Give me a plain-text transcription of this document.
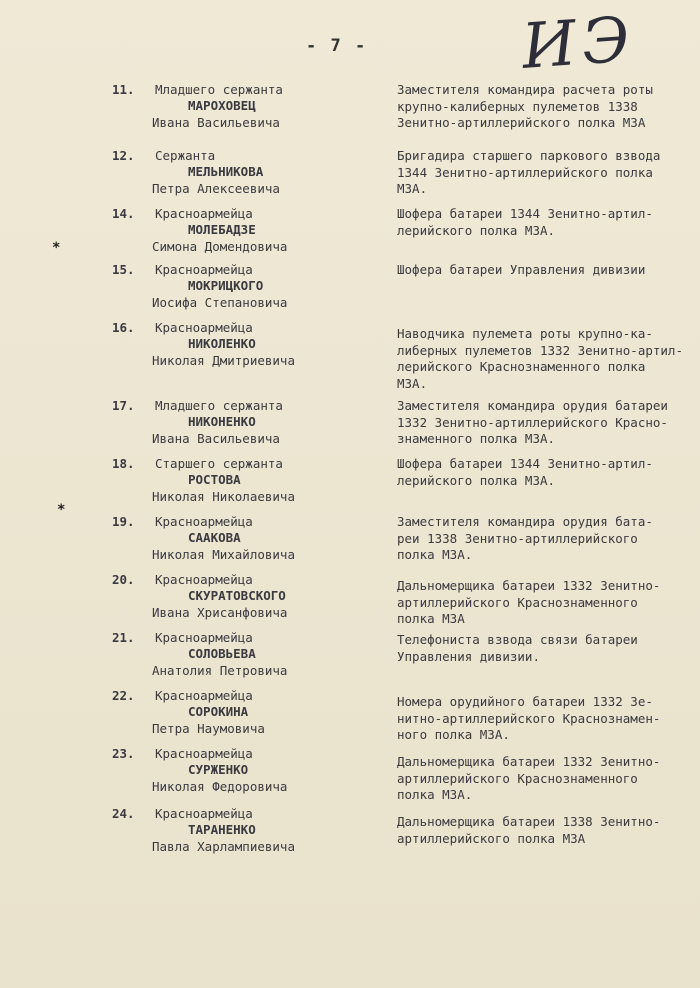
- 7 - ИЭ
*
*
11. Младшего сержанта
МАРОХОВЕЦ
Ивана Васильевича
Заместителя командира расчета роты
крупно-калиберных пулеметов 1338
Зенитно-артиллерийского полка МЗА
12. Сержанта
МЕЛЬНИКОВА
Петра Алексеевича
Бригадира старшего паркового взвода
1344 Зенитно-артиллерийского полка
МЗА.
14. Красноармейца
МОЛЕБАДЗЕ
Симона Домендовича
Шофера батареи 1344 Зенитно-артил-
лерийского полка МЗА.
15. Красноармейца
МОКРИЦКОГО
Иосифа Степановича
Шофера батареи Управления дивизии
16. Красноармейца
НИКОЛЕНКО
Николая Дмитриевича
Наводчика пулемета роты крупно-ка-
либерных пулеметов 1332 Зенитно-артил-
лерийского Краснознаменного полка
МЗА.
17. Младшего сержанта
НИКОНЕНКО
Ивана Васильевича
Заместителя командира орудия батареи
1332 Зенитно-артиллерийского Красно-
знаменного полка МЗА.
18. Старшего сержанта
РОСТОВА
Николая Николаевича
Шофера батареи 1344 Зенитно-артил-
лерийского полка МЗА.
19. Красноармейца
СААКОВА
Николая Михайловича
Заместителя командира орудия бата-
реи 1338 Зенитно-артиллерийского
полка МЗА.
20. Красноармейца
СКУРАТОВСКОГО
Ивана Хрисанфовича
Дальномерщика батареи 1332 Зенитно-
артиллерийского Краснознаменного
полка МЗА
21. Красноармейца
СОЛОВЬЕВА
Анатолия Петровича
Телефониста взвода связи батареи
Управления дивизии.
22. Красноармейца
СОРОКИНА
Петра Наумовича
Номера орудийного батареи 1332 Зе-
нитно-артиллерийского Краснознамен-
ного полка МЗА.
23. Красноармейца
СУРЖЕНКО
Николая Федоровича
Дальномерщика батареи 1332 Зенитно-
артиллерийского Краснознаменного
полка МЗА.
24. Красноармейца
ТАРАНЕНКО
Павла Харлампиевича
Дальномерщика батареи 1338 Зенитно-
артиллерийского полка МЗА
